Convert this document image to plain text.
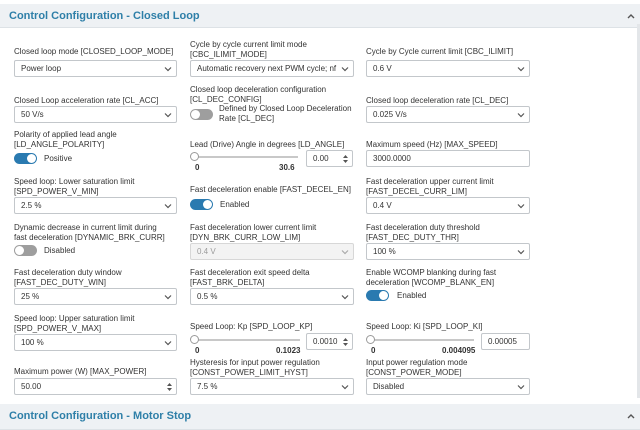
Control Configuration - Closed Loop
Closed loop mode [CLOSED_LOOP_MODE]
Power loop
Cycle by cycle current limit mode
[CBC_ILIMIT_MODE]
Automatic recovery next PWM cycle; nf
Cycle by Cycle current limit [CBC_ILIMIT]
0.6 V
Closed Loop acceleration rate [CL_ACC]
50 V/s
Closed loop deceleration configuration
[CL_DEC_CONFIG]
Defined by Closed Loop Deceleration
Rate [CL_DEC]
Closed loop deceleration rate [CL_DEC]
0.025 V/s
Polarity of applied lead angle
[LD_ANGLE_POLARITY]
Positive
Lead (Drive) Angle in degrees [LD_ANGLE]
0	30.6
0.00
Maximum speed (Hz) [MAX_SPEED]
3000.0000
Speed loop: Lower saturation limit
[SPD_POWER_V_MIN]
2.5 %
Fast deceleration enable [FAST_DECEL_EN]
Enabled
Fast deceleration upper current limit
[FAST_DECEL_CURR_LIM]
0.4 V
Dynamic decrease in current limit during
fast deceleration [DYNAMIC_BRK_CURR]
Disabled
Fast deceleration lower current limit
[DYN_BRK_CURR_LOW_LIM]
0.4 V
Fast deceleration duty threshold
[FAST_DEC_DUTY_THR]
100 %
Fast deceleration duty window
[FAST_DEC_DUTY_WIN]
25 %
Fast deceleration exit speed delta
[FAST_BRK_DELTA]
0.5 %
Enable WCOMP blanking during fast
deceleration [WCOMP_BLANK_EN]
Enabled
Speed loop: Upper saturation limit
[SPD_POWER_V_MAX]
100 %
Speed Loop: Kp [SPD_LOOP_KP]
0	0.1023
0.0010
Speed Loop: Ki [SPD_LOOP_KI]
0	0.004095
0.00005
Maximum power (W) [MAX_POWER]
50.00
Hysteresis for input power regulation
[CONST_POWER_LIMIT_HYST]
7.5 %
Input power regulation mode
[CONST_POWER_MODE]
Disabled
Control Configuration - Motor Stop
